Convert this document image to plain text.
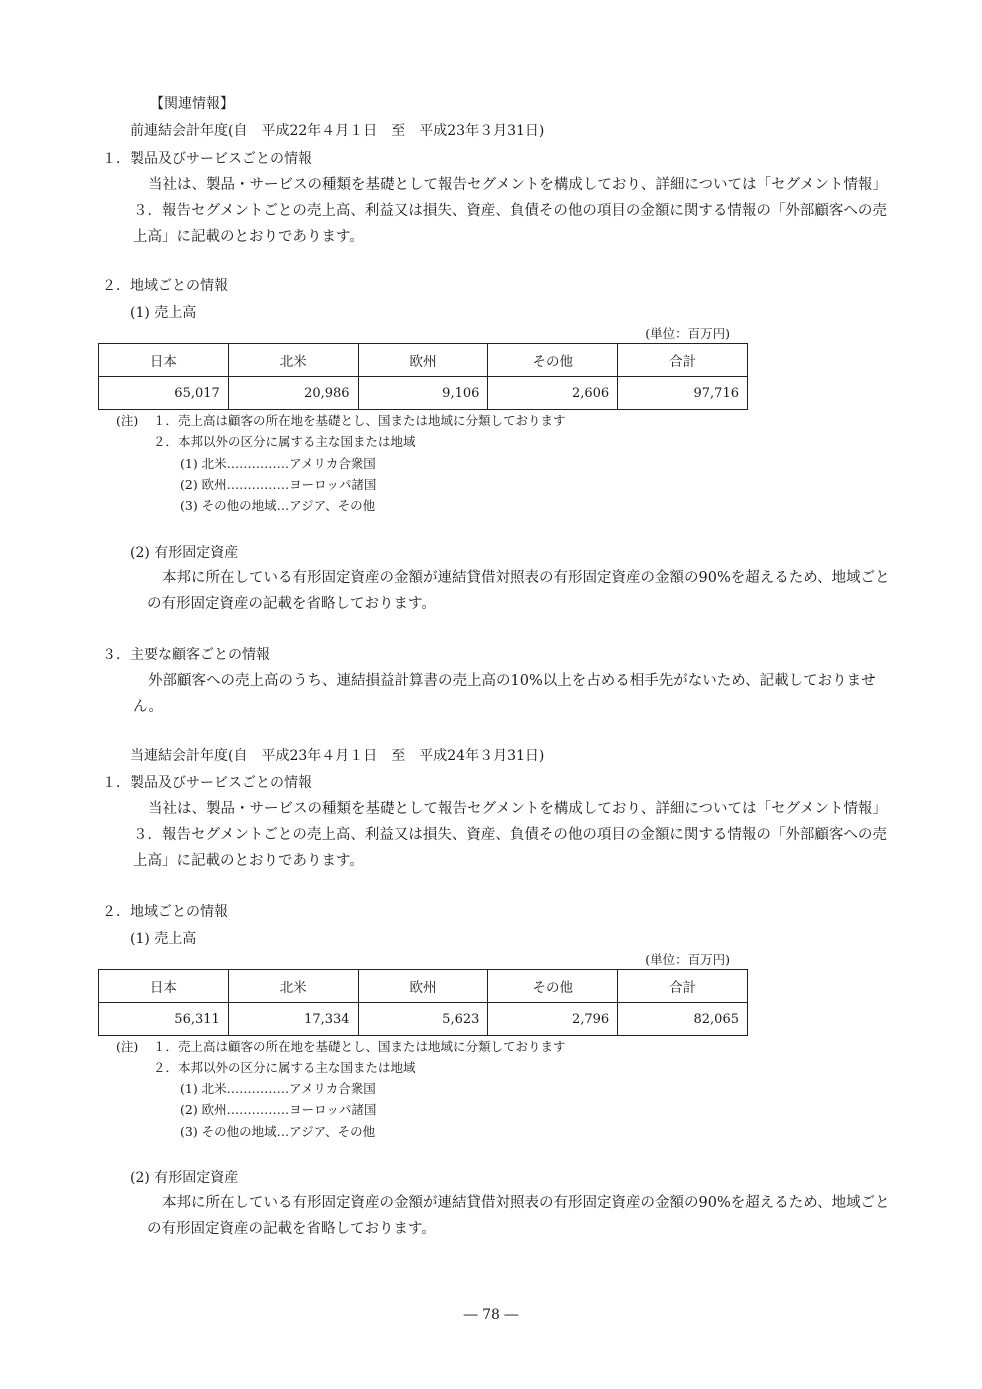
【関連情報】
前連結会計年度(自　平成22年４月１日　至　平成23年３月31日)
１．製品及びサービスごとの情報
当社は、製品・サービスの種類を基礎として報告セグメントを構成しており、詳細については「セグメント情報」３．報告セグメントごとの売上高、利益又は損失、資産、負債その他の項目の金額に関する情報の「外部顧客への売上高」に記載のとおりであります。
２．地域ごとの情報
(1) 売上高
(単位：百万円)
日本	北米	欧州	その他	合計
65,017	20,986	9,106	2,606	97,716
(注) １．売上高は顧客の所在地を基礎とし、国または地域に分類しております
２．本邦以外の区分に属する主な国または地域
(1) 北米……………アメリカ合衆国
(2) 欧州……………ヨーロッパ諸国
(3) その他の地域…アジア、その他
(2) 有形固定資産
本邦に所在している有形固定資産の金額が連結貸借対照表の有形固定資産の金額の90%を超えるため、地域ごとの有形固定資産の記載を省略しております。
３．主要な顧客ごとの情報
外部顧客への売上高のうち、連結損益計算書の売上高の10%以上を占める相手先がないため、記載しておりません。
当連結会計年度(自　平成23年４月１日　至　平成24年３月31日)
１．製品及びサービスごとの情報
当社は、製品・サービスの種類を基礎として報告セグメントを構成しており、詳細については「セグメント情報」３．報告セグメントごとの売上高、利益又は損失、資産、負債その他の項目の金額に関する情報の「外部顧客への売上高」に記載のとおりであります。
２．地域ごとの情報
(1) 売上高
(単位：百万円)
日本	北米	欧州	その他	合計
56,311	17,334	5,623	2,796	82,065
(注) １．売上高は顧客の所在地を基礎とし、国または地域に分類しております
２．本邦以外の区分に属する主な国または地域
(1) 北米……………アメリカ合衆国
(2) 欧州……………ヨーロッパ諸国
(3) その他の地域…アジア、その他
(2) 有形固定資産
本邦に所在している有形固定資産の金額が連結貸借対照表の有形固定資産の金額の90%を超えるため、地域ごとの有形固定資産の記載を省略しております。
― 78 ―
